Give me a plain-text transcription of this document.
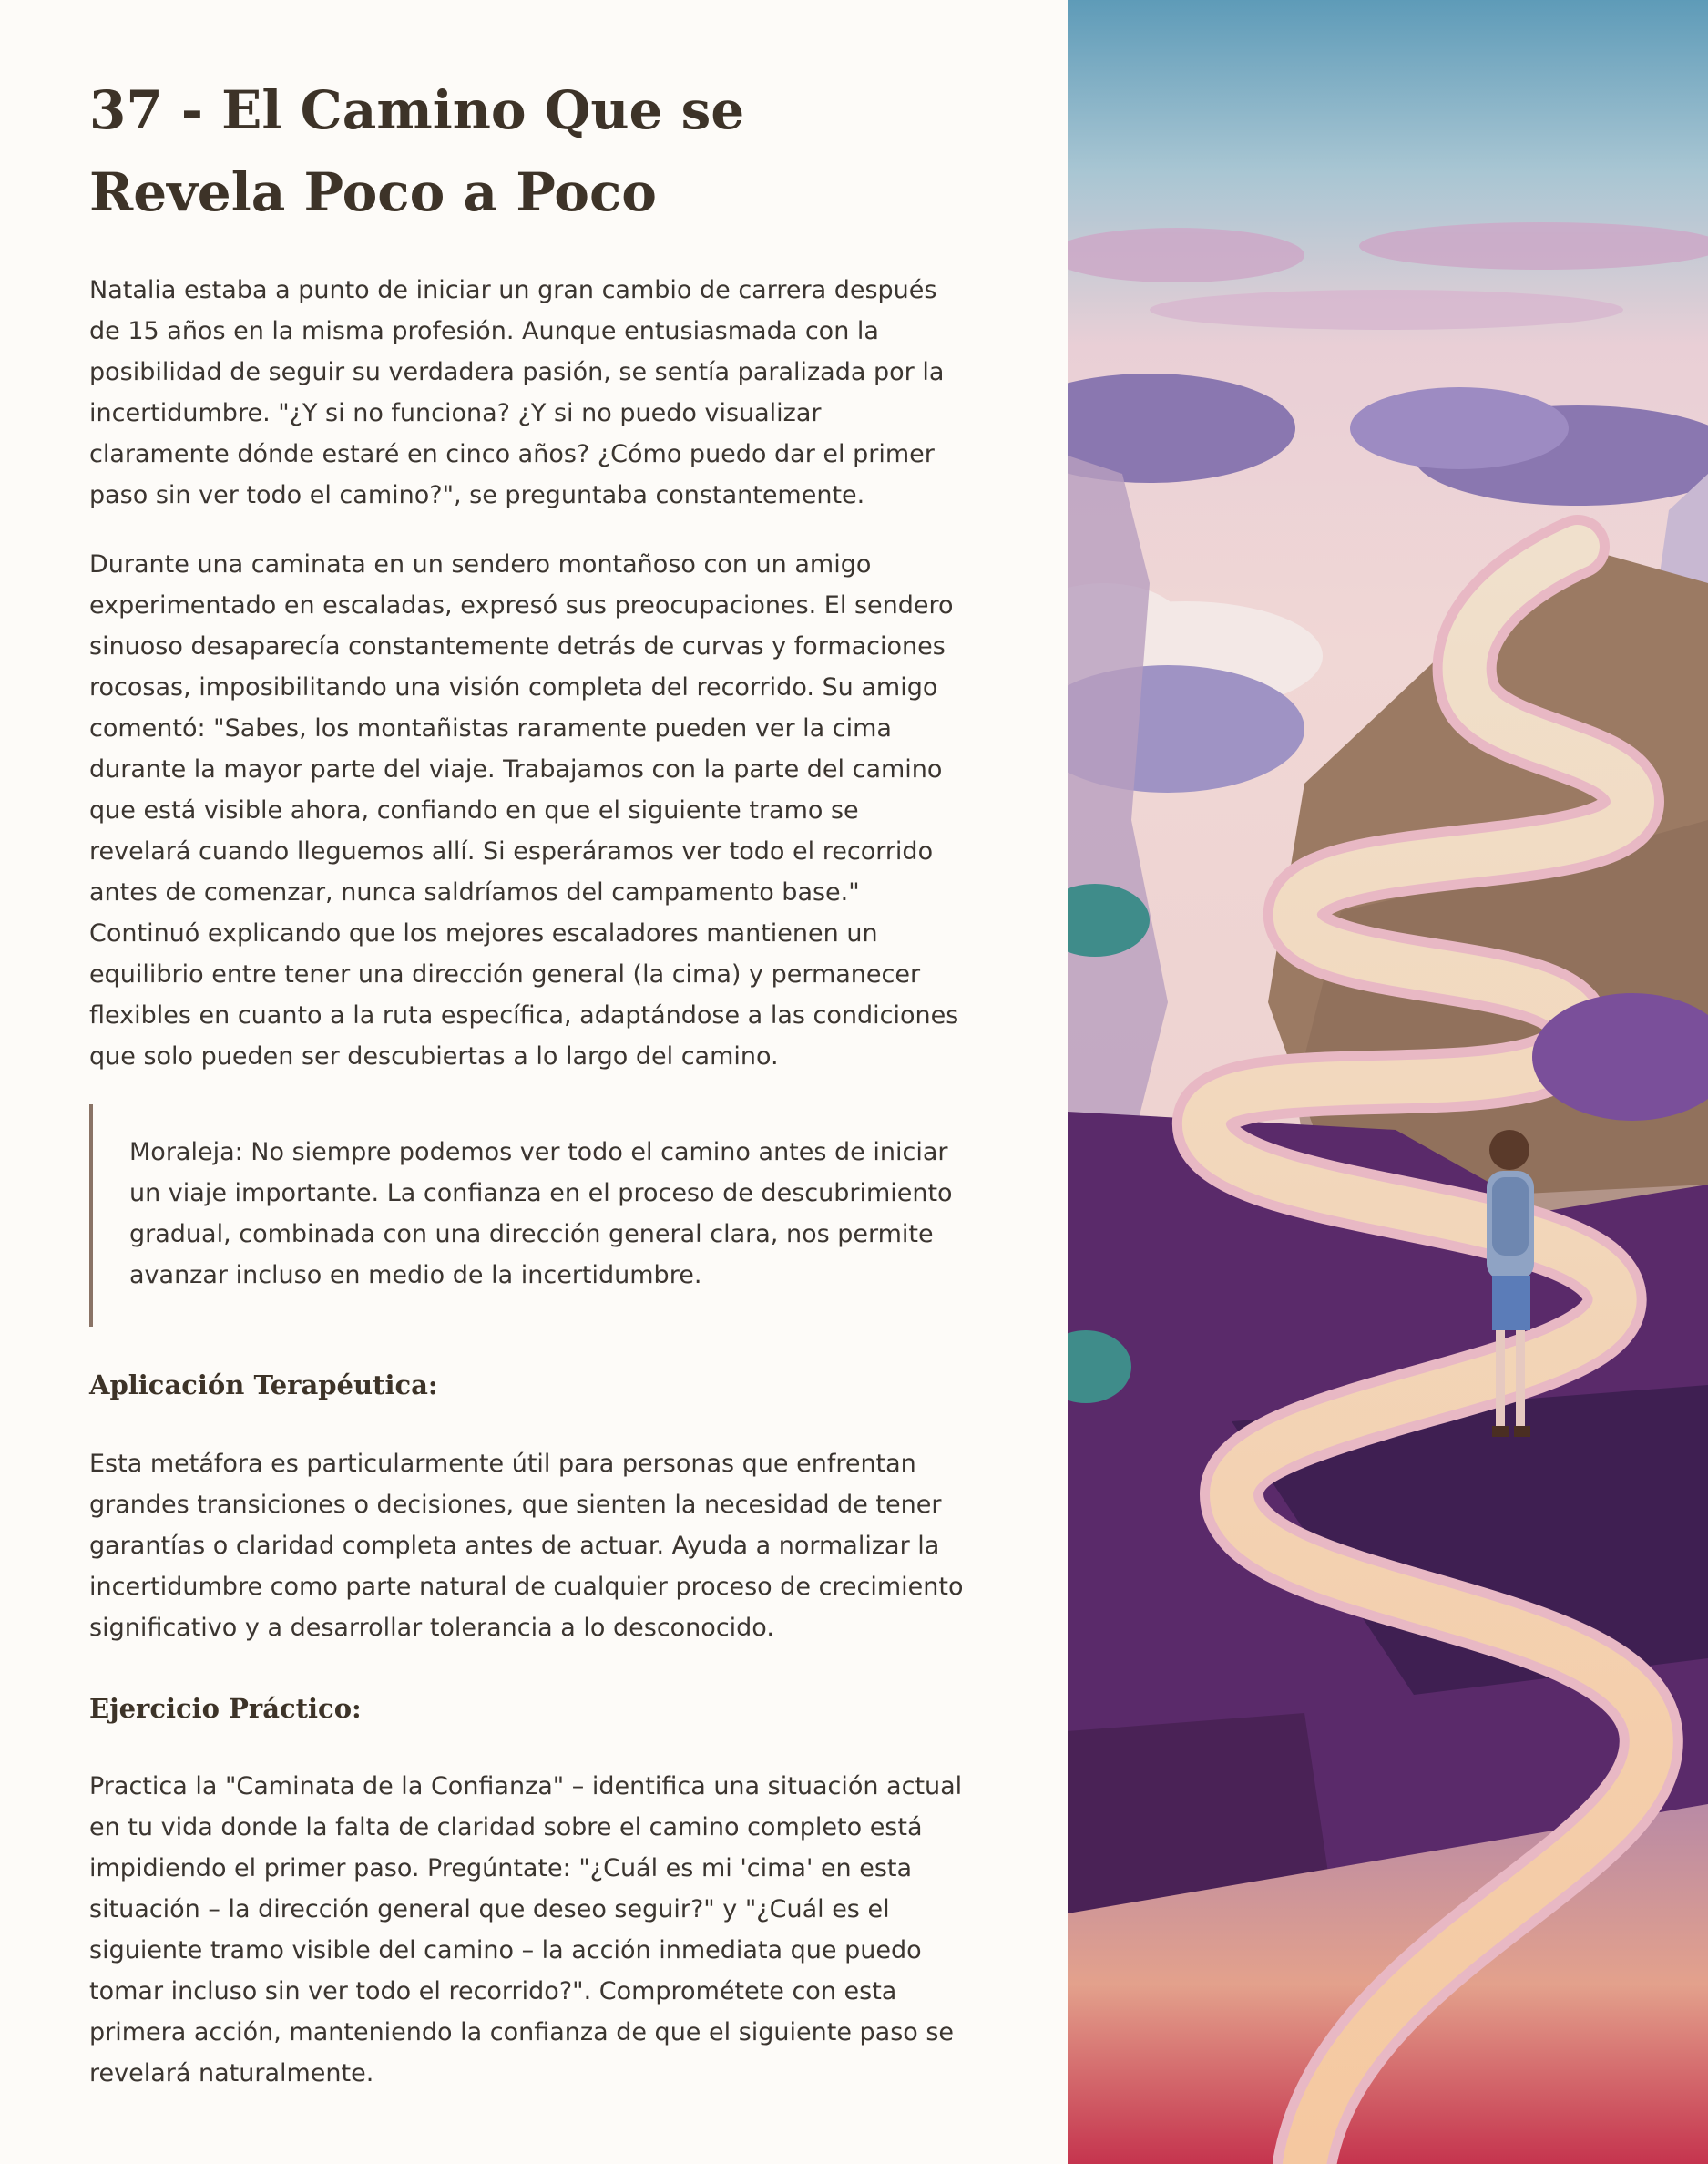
37 - El Camino Que se Revela Poco a Poco

Natalia estaba a punto de iniciar un gran cambio de carrera después de 15 años en la misma profesión. Aunque entusiasmada con la posibilidad de seguir su verdadera pasión, se sentía paralizada por la incertidumbre. "¿Y si no funciona? ¿Y si no puedo visualizar claramente dónde estaré en cinco años? ¿Cómo puedo dar el primer paso sin ver todo el camino?", se preguntaba constantemente.

Durante una caminata en un sendero montañoso con un amigo experimentado en escaladas, expresó sus preocupaciones. El sendero sinuoso desaparecía constantemente detrás de curvas y formaciones rocosas, imposibilitando una visión completa del recorrido. Su amigo comentó: "Sabes, los montañistas raramente pueden ver la cima durante la mayor parte del viaje. Trabajamos con la parte del camino que está visible ahora, confiando en que el siguiente tramo se revelará cuando lleguemos allí. Si esperáramos ver todo el recorrido antes de comenzar, nunca saldríamos del campamento base." Continuó explicando que los mejores escaladores mantienen un equilibrio entre tener una dirección general (la cima) y permanecer flexibles en cuanto a la ruta específica, adaptándose a las condiciones que solo pueden ser descubiertas a lo largo del camino.

Moraleja: No siempre podemos ver todo el camino antes de iniciar un viaje importante. La confianza en el proceso de descubrimiento gradual, combinada con una dirección general clara, nos permite avanzar incluso en medio de la incertidumbre.

Aplicación Terapéutica:

Esta metáfora es particularmente útil para personas que enfrentan grandes transiciones o decisiones, que sienten la necesidad de tener garantías o claridad completa antes de actuar. Ayuda a normalizar la incertidumbre como parte natural de cualquier proceso de crecimiento significativo y a desarrollar tolerancia a lo desconocido.

Ejercicio Práctico:

Practica la "Caminata de la Confianza" – identifica una situación actual en tu vida donde la falta de claridad sobre el camino completo está impidiendo el primer paso. Pregúntate: "¿Cuál es mi 'cima' en esta situación – la dirección general que deseo seguir?" y "¿Cuál es el siguiente tramo visible del camino – la acción inmediata que puedo tomar incluso sin ver todo el recorrido?". Comprométete con esta primera acción, manteniendo la confianza de que el siguiente paso se revelará naturalmente.
